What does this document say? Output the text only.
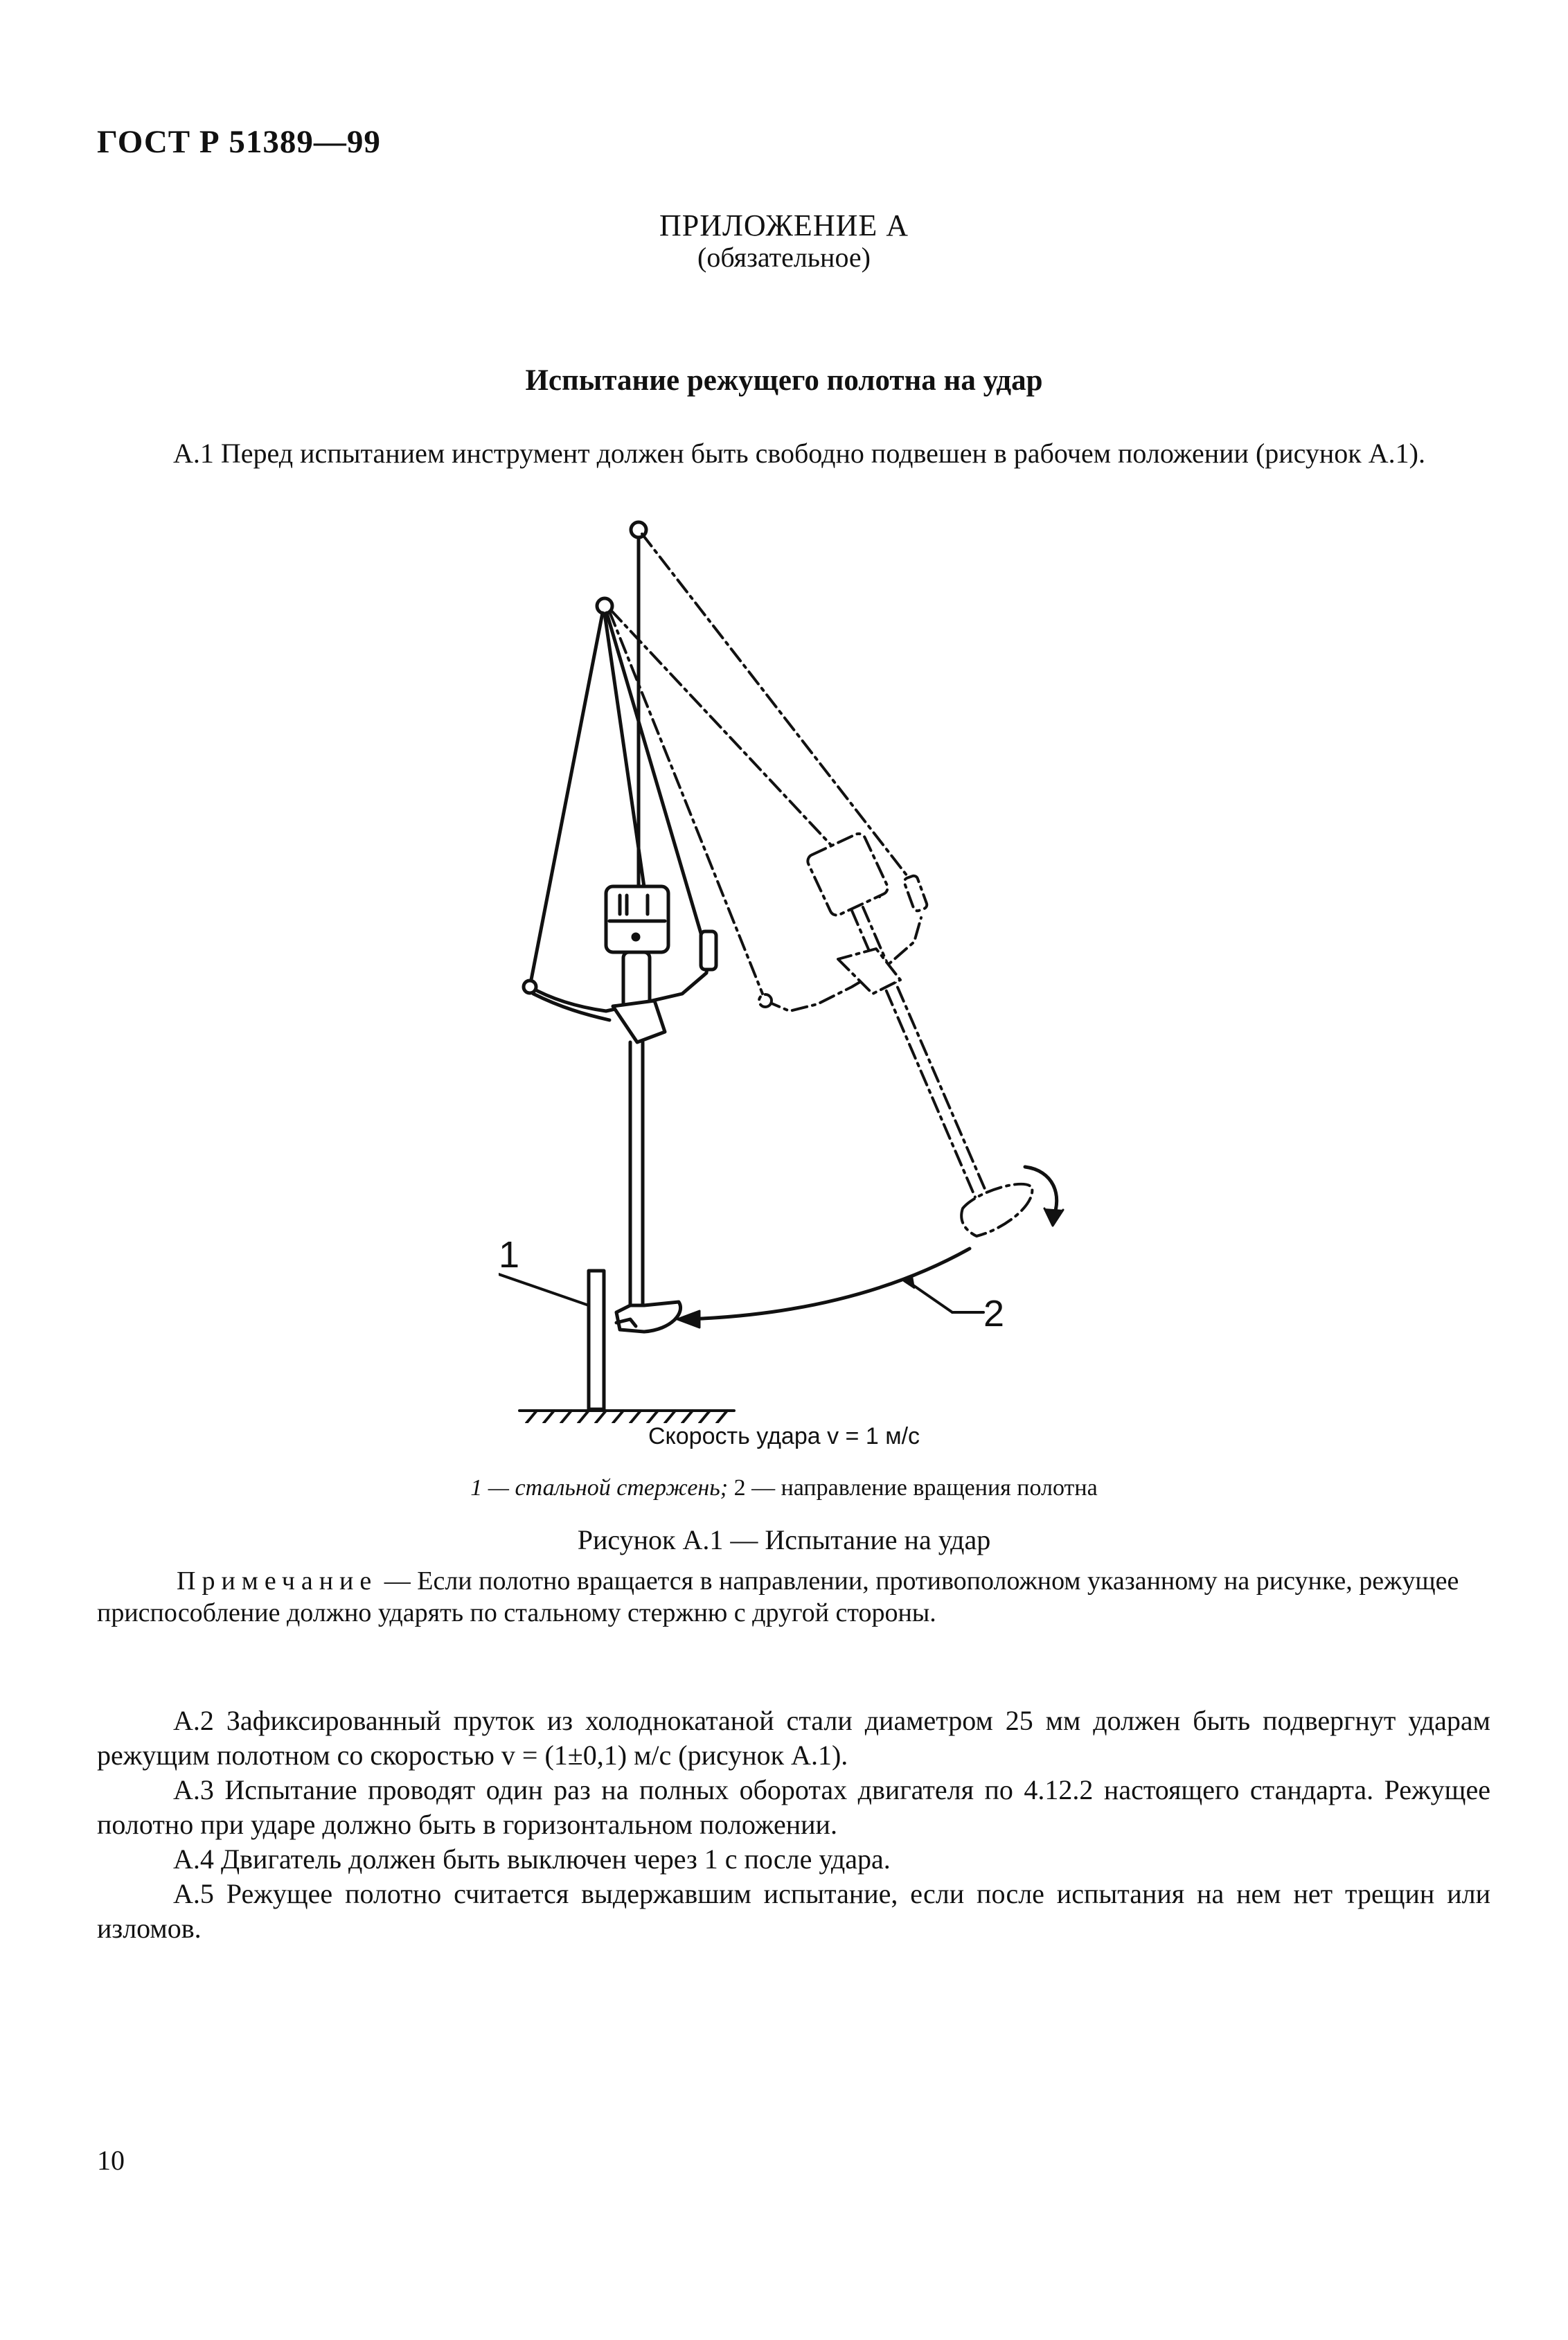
ГОСТ Р 51389—99
ПРИЛОЖЕНИЕ А
(обязательное)
Испытание режущего полотна на удар
А.1 Перед испытанием инструмент должен быть свободно подвешен в рабочем положении (рисунок А.1).
1
2
Скорость удара v = 1 м/с
1 — стальной стержень; 2 — направление вращения полотна
Рисунок А.1 — Испытание на удар
Примечание — Если полотно вращается в направлении, противоположном указанному на рисунке, режущее приспособление должно ударять по стальному стержню с другой стороны.
А.2 Зафиксированный пруток из холоднокатаной стали диаметром 25 мм должен быть подвергнут ударам режущим полотном со скоростью v = (1±0,1) м/с (рисунок А.1).
А.3 Испытание проводят один раз на полных оборотах двигателя по 4.12.2 настоящего стандарта. Режущее полотно при ударе должно быть в горизонтальном положении.
А.4 Двигатель должен быть выключен через 1 с после удара.
А.5 Режущее полотно считается выдержавшим испытание, если после испытания на нем нет трещин или изломов.
10
